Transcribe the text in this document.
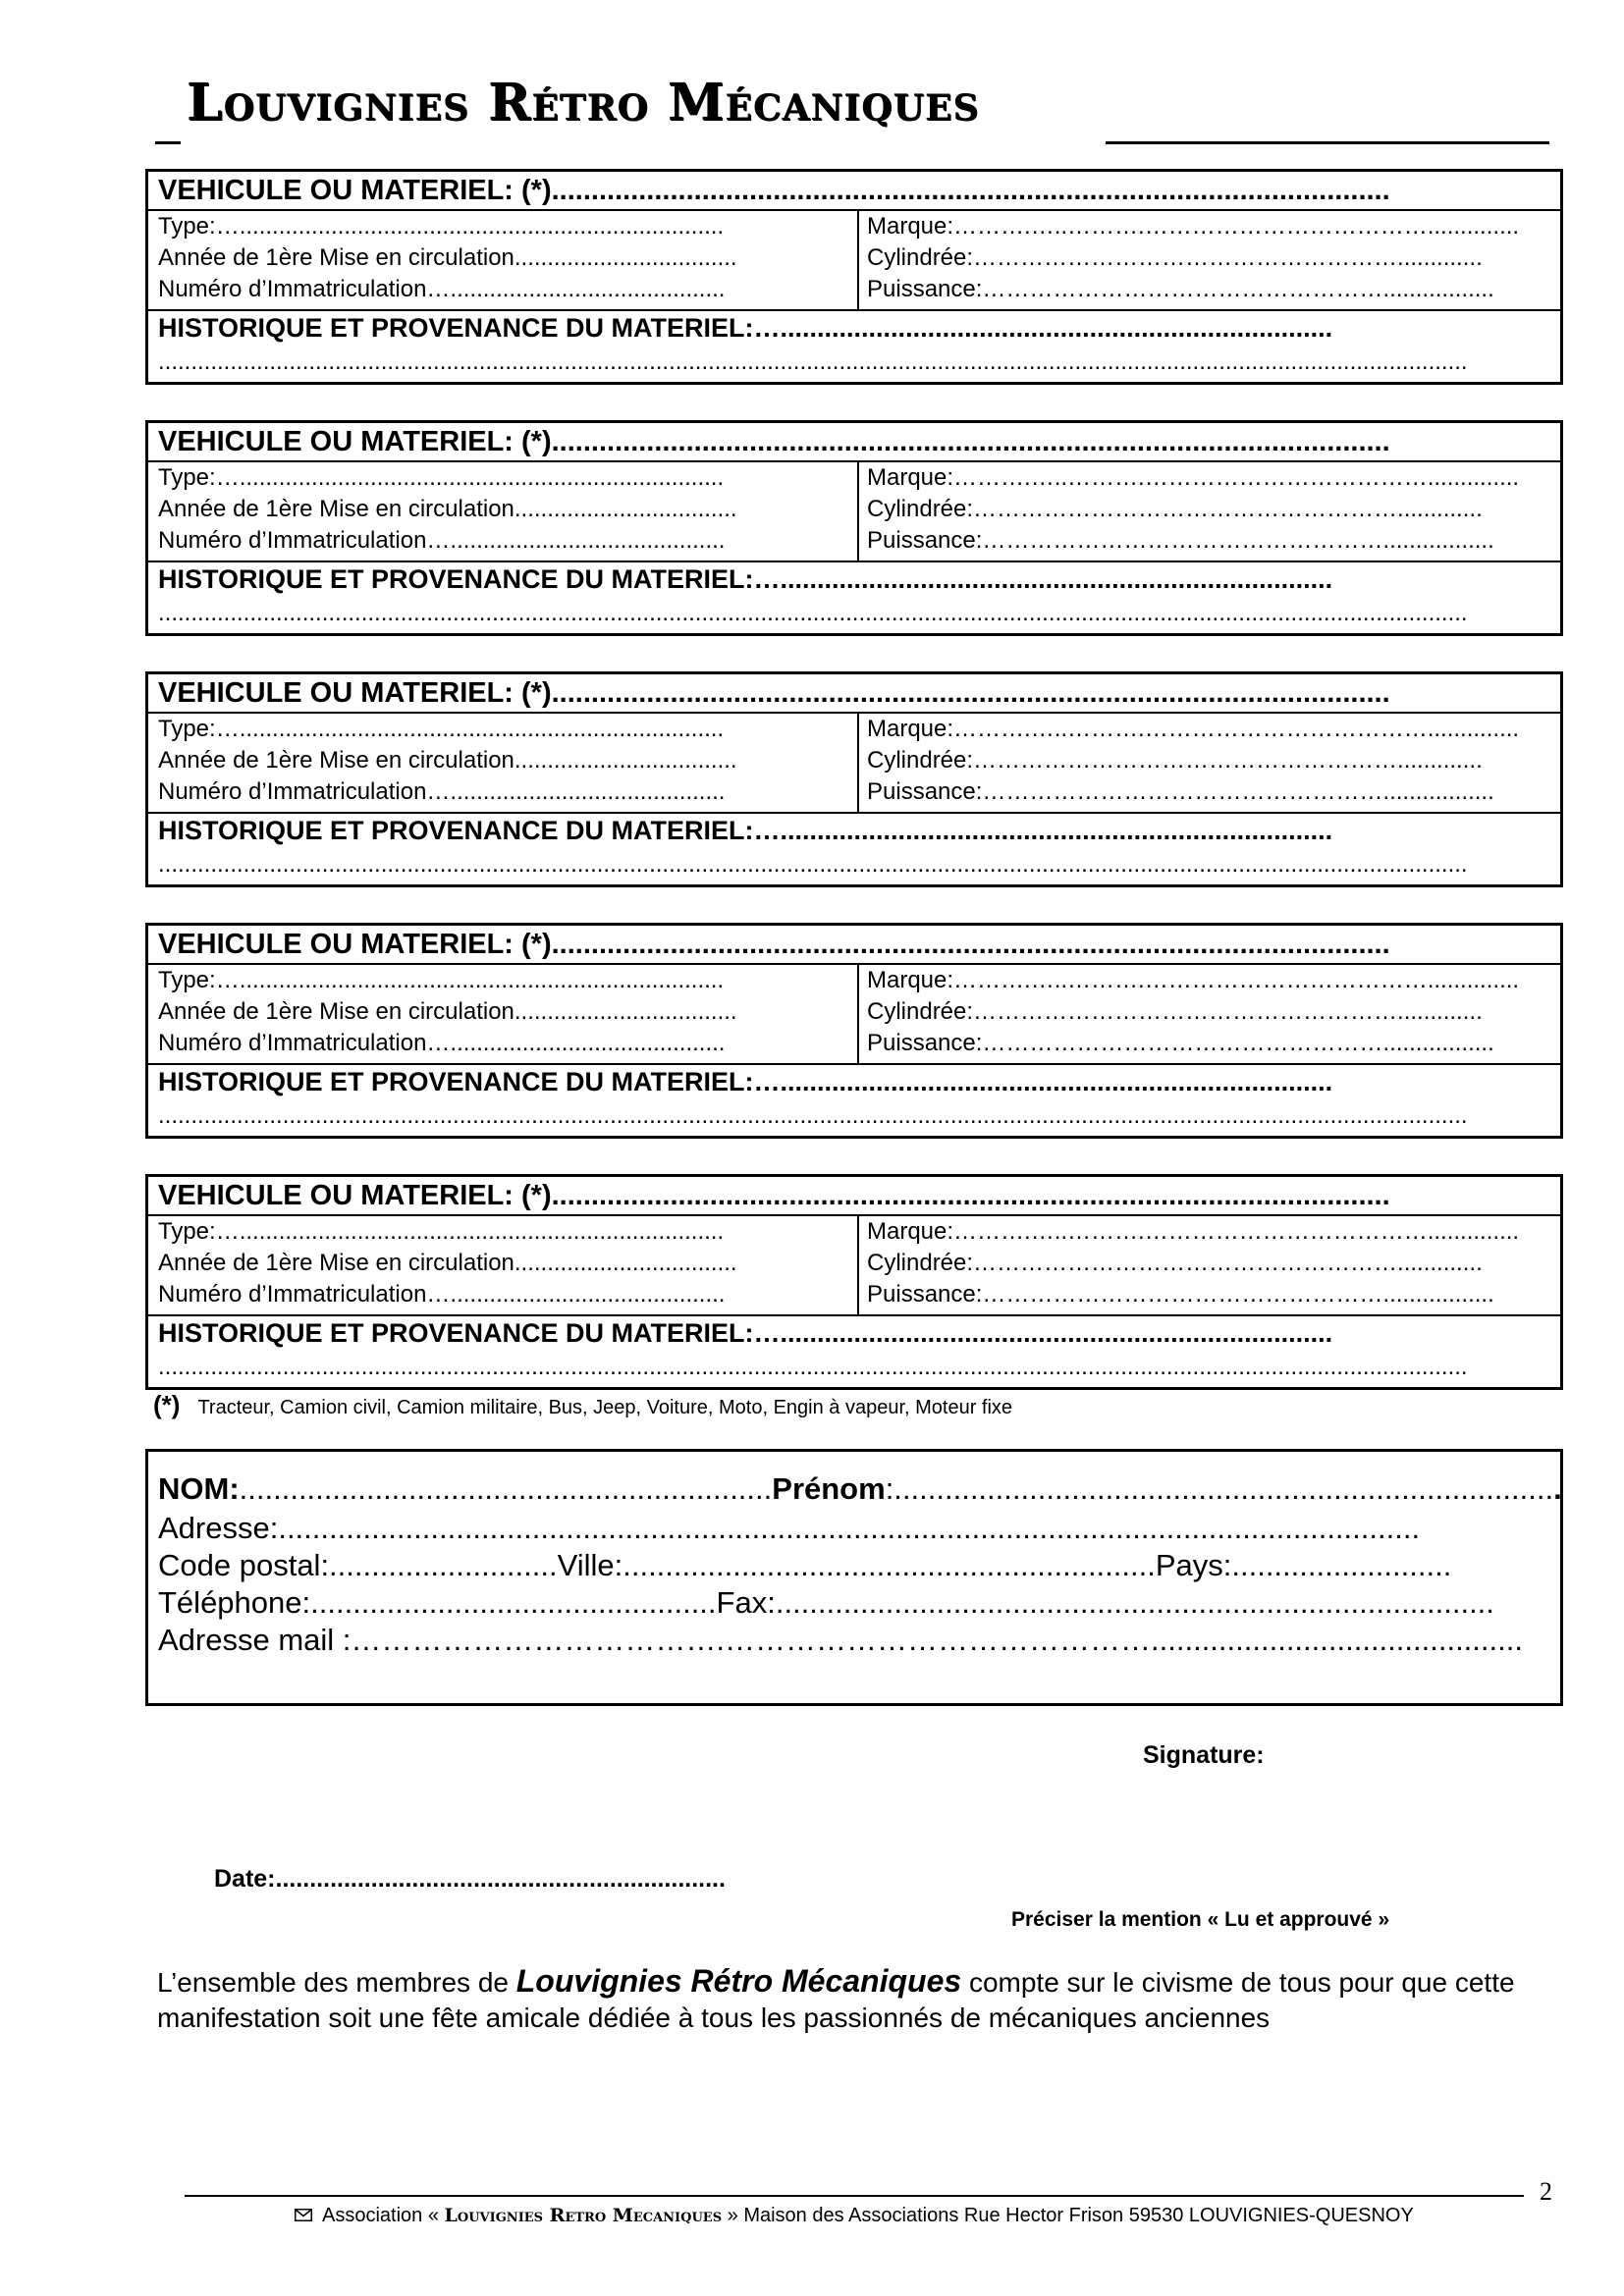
Louvignies Rétro Mécaniques
VEHICULE OU MATERIEL: (*)..........................................................................................................
Type:…..........................................................................
Année de 1ère Mise en circulation..................................
Numéro d’Immatriculation…..........................................
Marque:……….…..……….………………………………..............
Cylindrée:……………………………………………….............
Puissance:…………………………………………….................
HISTORIQUE ET PROVENANCE DU MATERIEL:…...........................................................................
........................................................................................................................................................................................................
VEHICULE OU MATERIEL: (*)..........................................................................................................
Type:…..........................................................................
Année de 1ère Mise en circulation..................................
Numéro d’Immatriculation…..........................................
Marque:……….…..……….………………………………..............
Cylindrée:……………………………………………….............
Puissance:…………………………………………….................
HISTORIQUE ET PROVENANCE DU MATERIEL:…...........................................................................
........................................................................................................................................................................................................
VEHICULE OU MATERIEL: (*)..........................................................................................................
Type:…..........................................................................
Année de 1ère Mise en circulation..................................
Numéro d’Immatriculation…..........................................
Marque:……….…..……….………………………………..............
Cylindrée:……………………………………………….............
Puissance:…………………………………………….................
HISTORIQUE ET PROVENANCE DU MATERIEL:…...........................................................................
........................................................................................................................................................................................................
VEHICULE OU MATERIEL: (*)..........................................................................................................
Type:…..........................................................................
Année de 1ère Mise en circulation..................................
Numéro d’Immatriculation…..........................................
Marque:……….…..……….………………………………..............
Cylindrée:……………………………………………….............
Puissance:…………………………………………….................
HISTORIQUE ET PROVENANCE DU MATERIEL:…...........................................................................
........................................................................................................................................................................................................
VEHICULE OU MATERIEL: (*)..........................................................................................................
Type:…..........................................................................
Année de 1ère Mise en circulation..................................
Numéro d’Immatriculation…..........................................
Marque:……….…..……….………………………………..............
Cylindrée:……………………………………………….............
Puissance:…………………………………………….................
HISTORIQUE ET PROVENANCE DU MATERIEL:…...........................................................................
........................................................................................................................................................................................................
(*) Tracteur, Camion civil, Camion militaire, Bus, Jeep, Voiture, Moto, Engin à vapeur, Moteur fixe
NOM:...............................................................Prénom:...............................................................................
Adresse:.......................................................................................................................................
Code postal:...........................Ville:...............................................................Pays:..........................
Téléphone:................................................Fax:.....................................................................................
Adresse mail :……………………………….……………………………………............................................
Signature:
Date:..................................................................
Préciser la mention « Lu et approuvé »
L’ensemble des membres de Louvignies Rétro Mécaniques compte sur le civisme de tous pour que cette manifestation soit une fête amicale dédiée à tous les passionnés de mécaniques anciennes
2
Association « Louvignies Retro Mecaniques » Maison des Associations Rue Hector Frison 59530 LOUVIGNIES-QUESNOY
